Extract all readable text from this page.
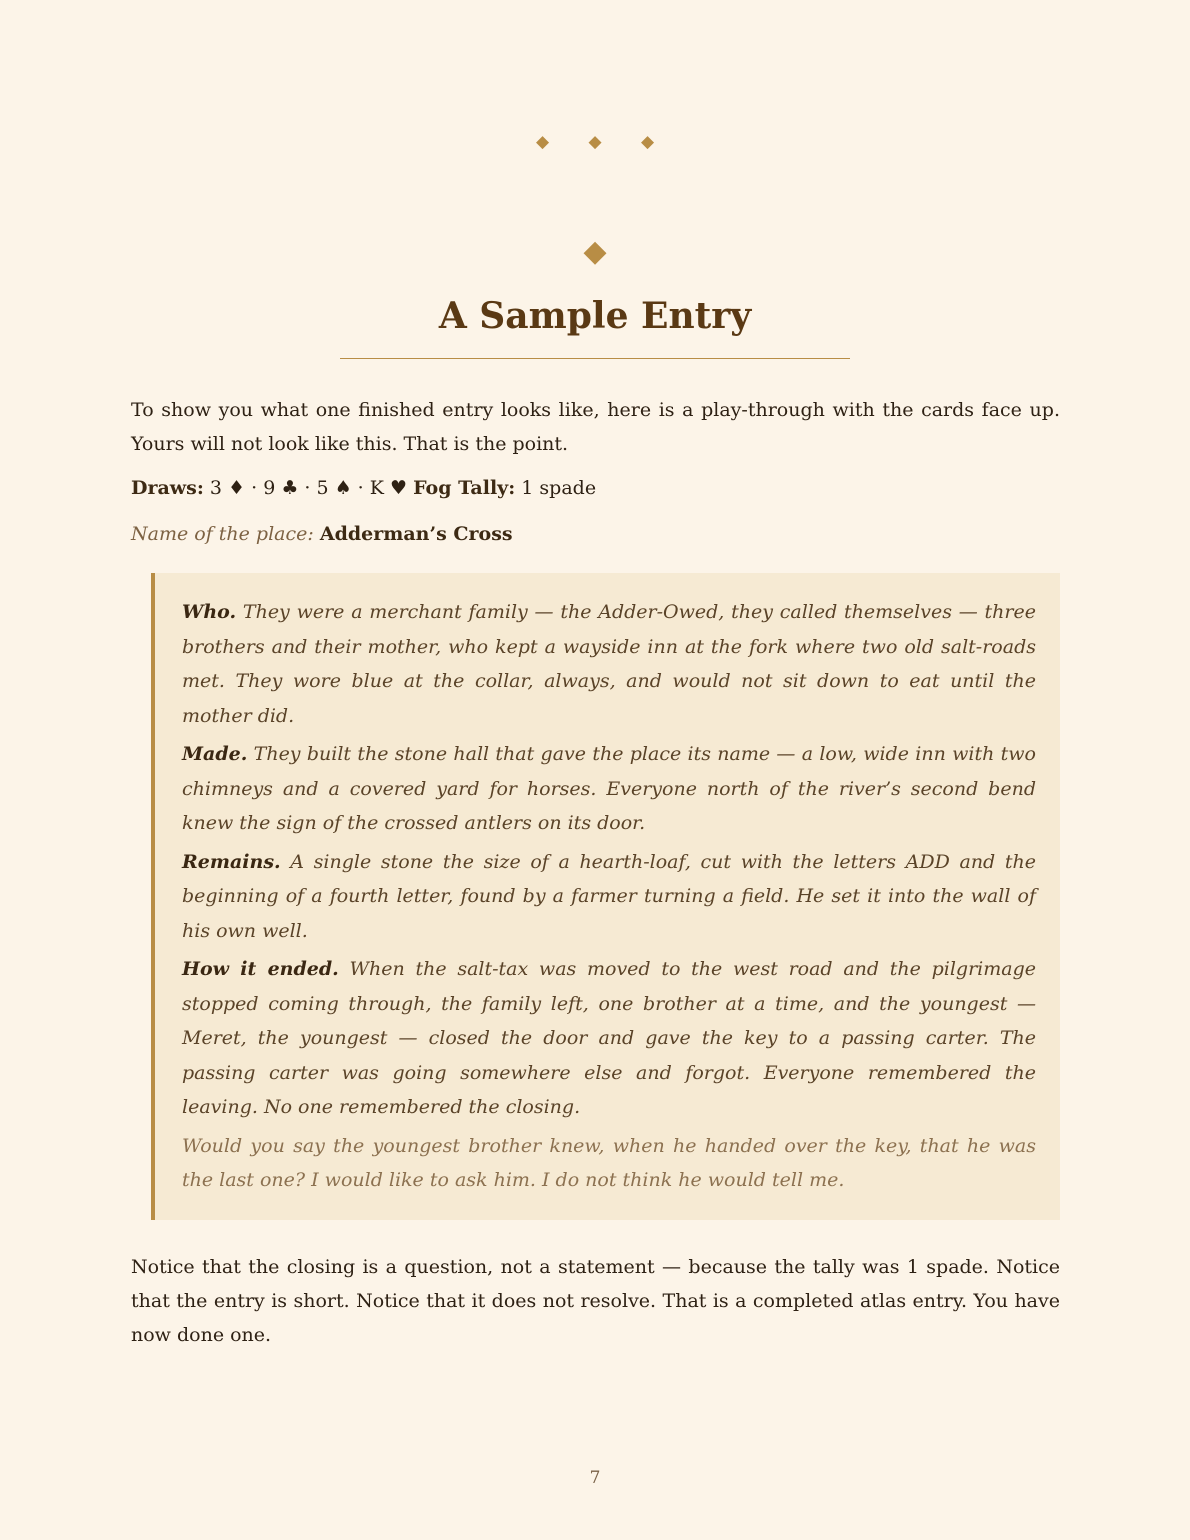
◆ ◆ ◆
◆
A Sample Entry

To show you what one finished entry looks like, here is a play-through with the cards face up. Yours will not look like this. That is the point.

Draws: 3 ♦ · 9 ♣ · 5 ♠ · K ♥ Fog Tally: 1 spade
Name of the place: Adderman’s Cross

Who. They were a merchant family — the Adder-Owed, they called themselves — three brothers and their mother, who kept a wayside inn at the fork where two old salt-roads met. They wore blue at the collar, always, and would not sit down to eat until the mother did.

Made. They built the stone hall that gave the place its name — a low, wide inn with two chimneys and a covered yard for horses. Everyone north of the river’s second bend knew the sign of the crossed antlers on its door.

Remains. A single stone the size of a hearth-loaf, cut with the letters ADD and the beginning of a fourth letter, found by a farmer turning a field. He set it into the wall of his own well.

How it ended. When the salt-tax was moved to the west road and the pilgrimage stopped coming through, the family left, one brother at a time, and the youngest — Meret, the youngest — closed the door and gave the key to a passing carter. The passing carter was going somewhere else and forgot. Everyone remembered the leaving. No one remembered the closing.

Would you say the youngest brother knew, when he handed over the key, that he was the last one? I would like to ask him. I do not think he would tell me.

Notice that the closing is a question, not a statement — because the tally was 1 spade. Notice that the entry is short. Notice that it does not resolve. That is a completed atlas entry. You have now done one.

7
